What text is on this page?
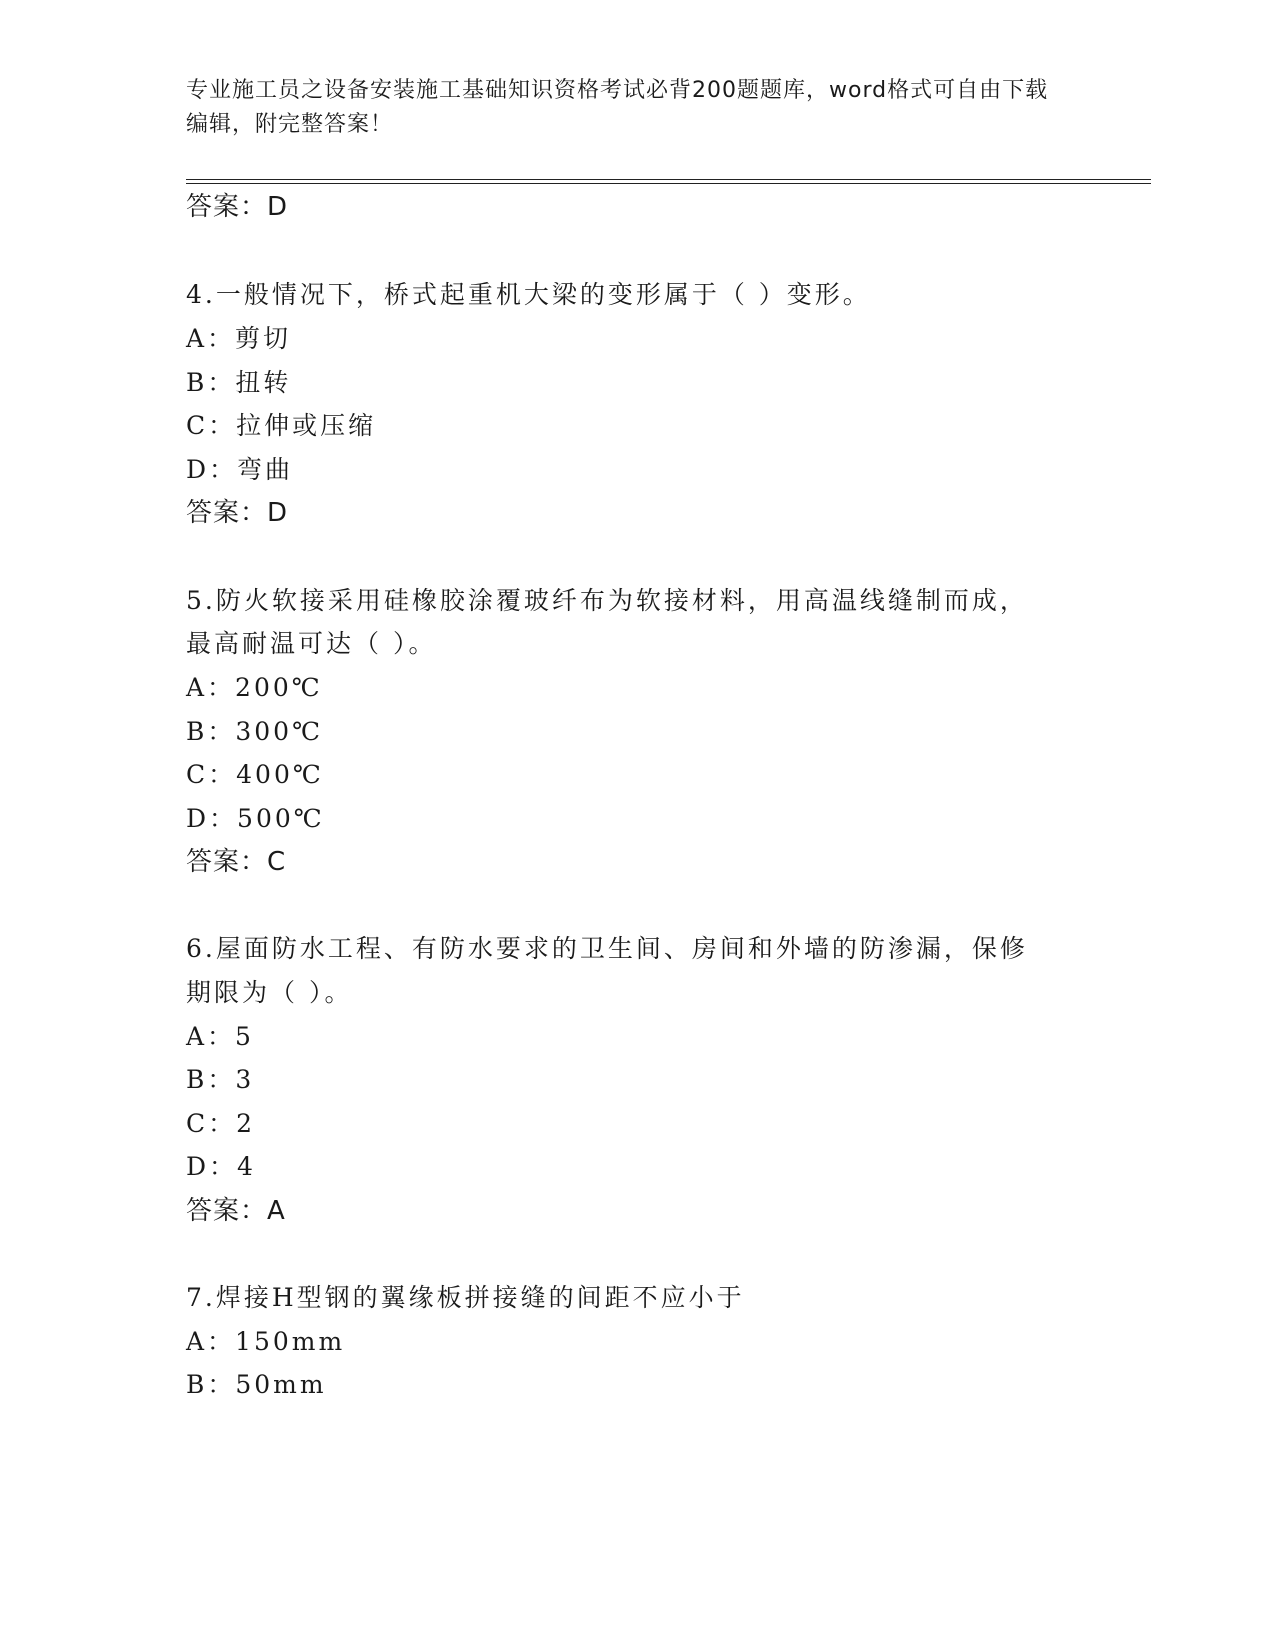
专业施工员之设备安装施工基础知识资格考试必背200题题库，word格式可自由下载编辑，附完整答案！
答案：D
4.一般情况下，桥式起重机大梁的变形属于（ ）变形。
A：剪切
B：扭转
C：拉伸或压缩
D：弯曲
答案：D
5.防火软接采用硅橡胶涂覆玻纤布为软接材料，用高温线缝制而成，
最高耐温可达（ ）。
A：200℃
B：300℃
C：400℃
D：500℃
答案：C
6.屋面防水工程、有防水要求的卫生间、房间和外墙的防渗漏，保修
期限为（ ）。
A：5
B：3
C：2
D：4
答案：A
7.焊接H型钢的翼缘板拼接缝的间距不应小于
A：150mm
B：50mm
